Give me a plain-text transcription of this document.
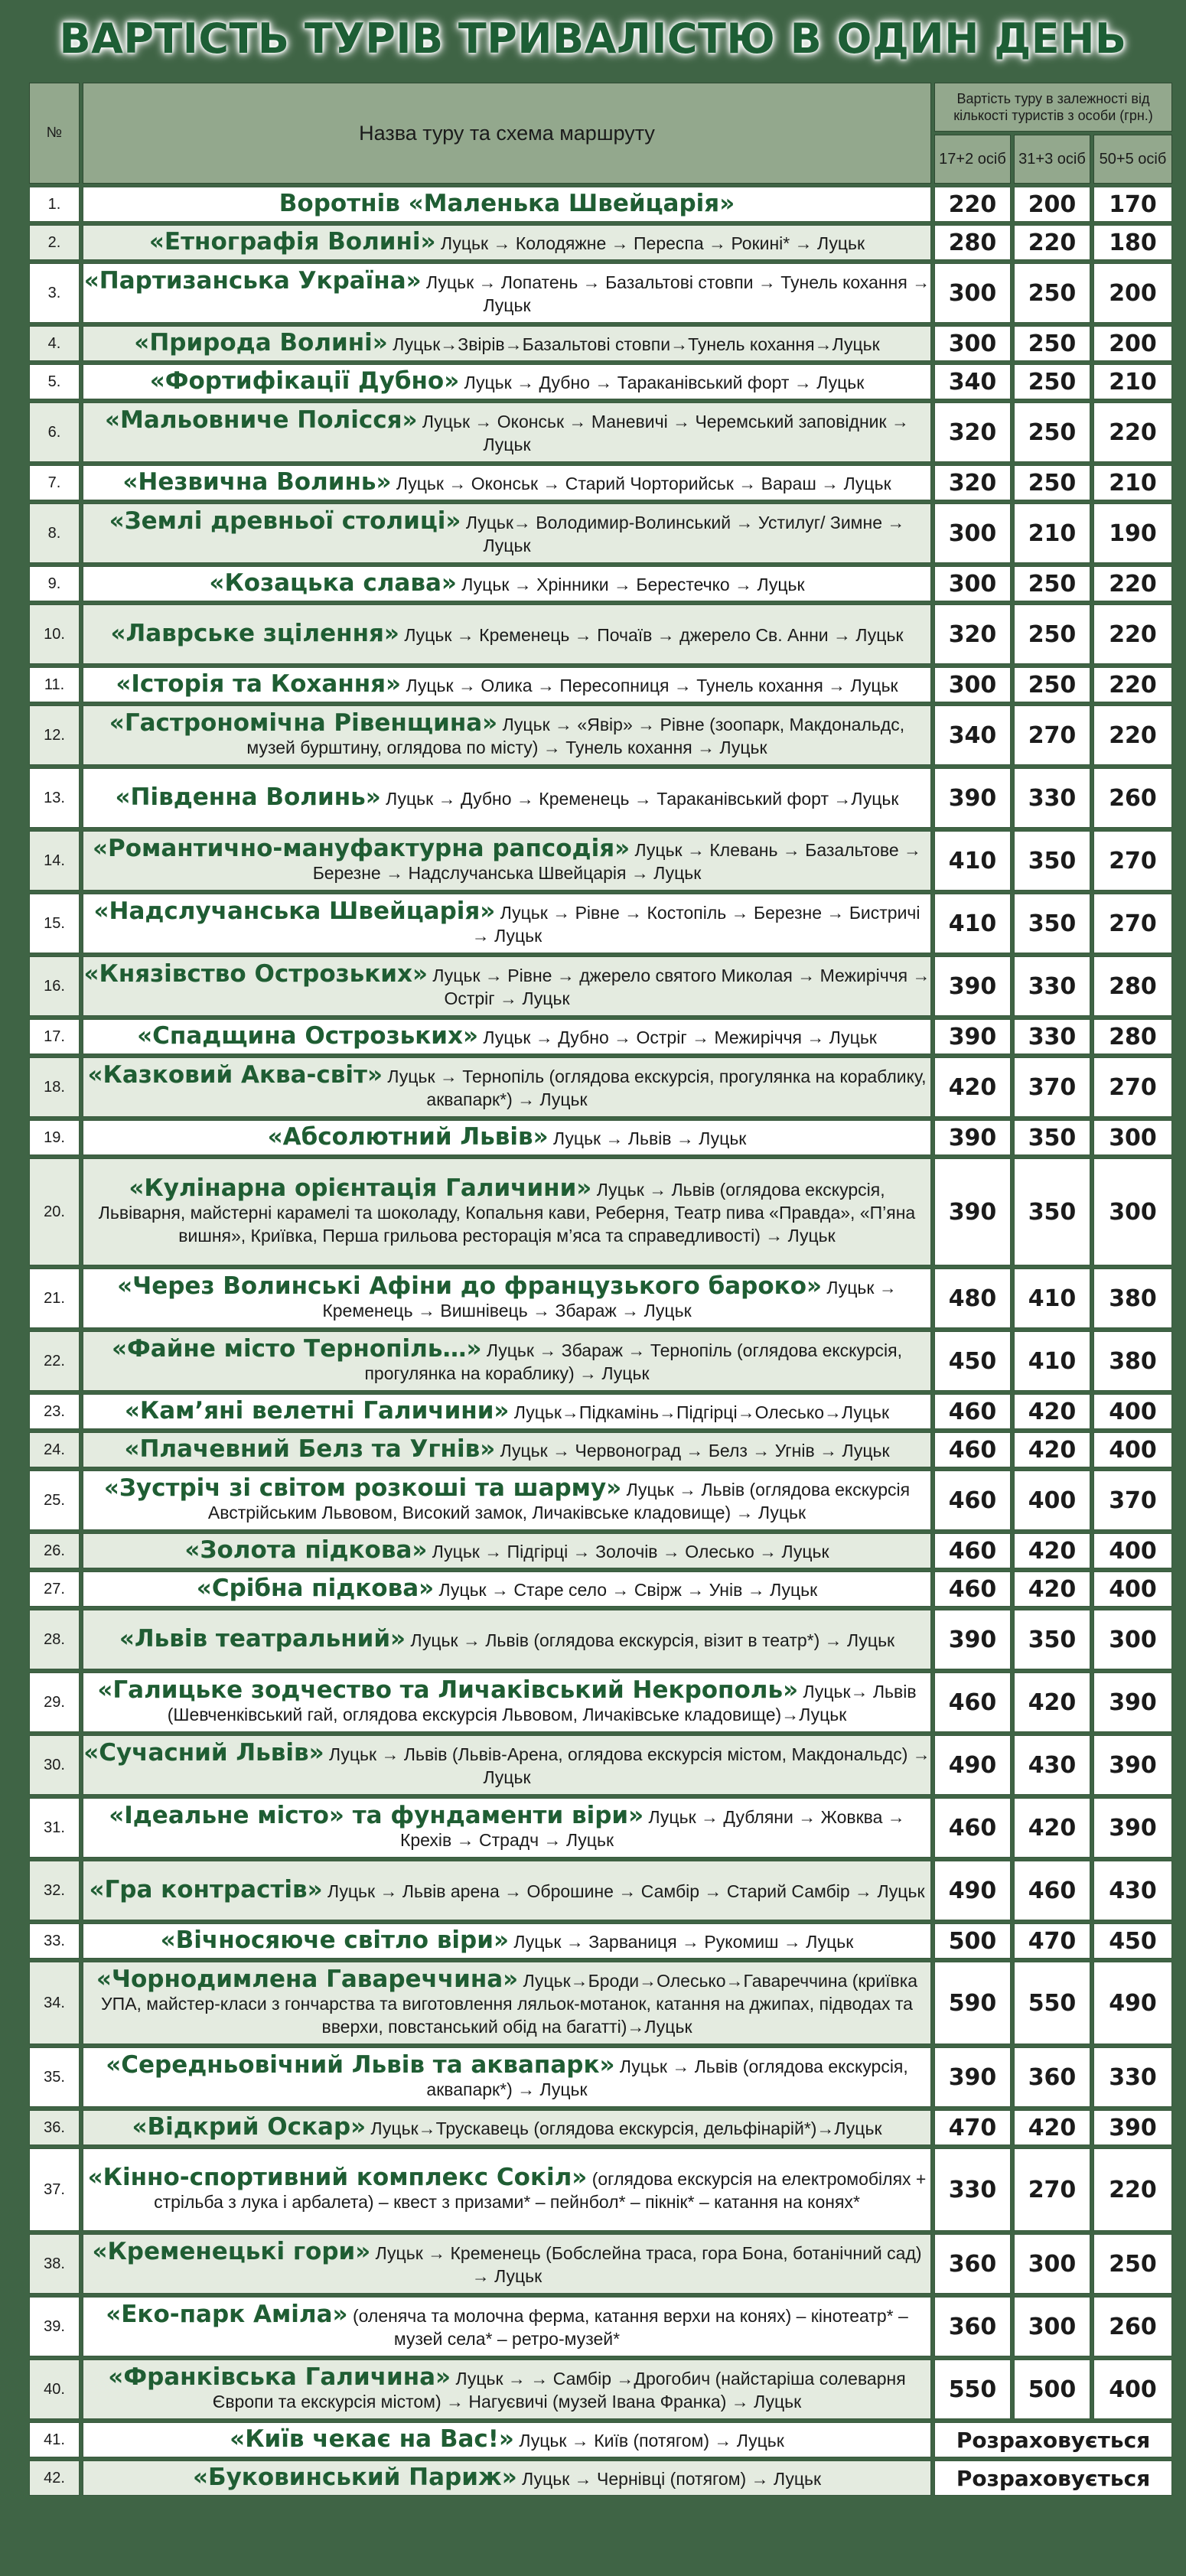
ВАРТІСТЬ ТУРІВ ТРИВАЛІСТЮ В ОДИН ДЕНЬ
№	Назва туру та схема маршруту	Вартість туру в залежності від кількості туристів з особи (грн.)		
		17+2 осіб	31+3 осіб	50+5 осіб
1.	Воротнів «Маленька Швейцарія»	220	200	170
2.	«Етнографія Волині» Луцьк → Колодяжне → Переспа → Рокині* → Луцьк	280	220	180
3.	«Партизанська Україна» Луцьк → Лопатень → Базальтові стовпи → Тунель кохання → Луцьк	300	250	200
4.	«Природа Волині» Луцьк→Звірів→Базальтові стовпи→Тунель кохання→Луцьк	300	250	200
5.	«Фортифікації Дубно» Луцьк → Дубно → Тараканівський форт → Луцьк	340	250	210
6.	«Мальовниче Полісся» Луцьк → Оконськ → Маневичі → Черемський заповідник → Луцьк	320	250	220
7.	«Незвична Волинь» Луцьк → Оконськ → Старий Чорторийськ → Вараш → Луцьк	320	250	210
8.	«Землі древньої столиці» Луцьк→ Володимир-Волинський → Устилуг/ Зимне → Луцьк	300	210	190
9.	«Козацька слава» Луцьк → Хрінники → Берестечко → Луцьк	300	250	220
10.	«Лаврське зцілення» Луцьк → Кременець → Почаїв → джерело Св. Анни → Луцьк	320	250	220
11.	«Історія та Кохання» Луцьк → Олика → Пересопниця → Тунель кохання → Луцьк	300	250	220
12.	«Гастрономічна Рівенщина» Луцьк → «Явір» → Рівне (зоопарк, Макдональдс, музей бурштину, оглядова по місту) → Тунель кохання → Луцьк	340	270	220
13.	«Південна Волинь» Луцьк → Дубно → Кременець → Тараканівський форт →Луцьк	390	330	260
14.	«Романтично-мануфактурна рапсодія» Луцьк → Клевань → Базальтове → Березне → Надслучанська Швейцарія → Луцьк	410	350	270
15.	«Надслучанська Швейцарія» Луцьк → Рівне → Костопіль → Березне → Бистричі → Луцьк	410	350	270
16.	«Князівство Острозьких» Луцьк → Рівне → джерело святого Миколая → Межиріччя → Острiг → Луцьк	390	330	280
17.	«Спадщина Острозьких» Луцьк → Дубно → Острiг → Межиріччя → Луцьк	390	330	280
18.	«Казковий Аква-світ» Луцьк → Тернопіль (оглядова екскурсія, прогулянка на кораблику, аквапарк*) → Луцьк	420	370	270
19.	«Абсолютний Львів» Луцьк → Львів → Луцьк	390	350	300
20.	«Кулінарна орієнтація Галичини» Луцьк → Львів (оглядова екскурсія, Львіварня, майстерні карамелі та шоколаду, Копальня кави, Реберня, Театр пива «Правда», «П’яна вишня», Криївка, Перша грильова ресторація м’яса та справедливості) → Луцьк	390	350	300
21.	«Через Волинські Афіни до французького бароко» Луцьк → Кременець → Вишнівець → Збараж → Луцьк	480	410	380
22.	«Файне місто Тернопіль…» Луцьк → Збараж → Тернопіль (оглядова екскурсія, прогулянка на кораблику) → Луцьк	450	410	380
23.	«Кам’яні велетні Галичини» Луцьк→Підкамінь→Підгірці→Олесько→Луцьк	460	420	400
24.	«Плачевний Белз та Угнів» Луцьк → Червоноград → Белз → Угнів → Луцьк	460	420	400
25.	«Зустріч зі світом розкоші та шарму» Луцьк → Львів (оглядова екскурсія Австрійським Львовом, Високий замок, Личаківське кладовище) → Луцьк	460	400	370
26.	«Золота підкова» Луцьк → Підгірці → Золочів → Олесько → Луцьк	460	420	400
27.	«Срібна підкова» Луцьк → Старе село → Свірж → Унів → Луцьк	460	420	400
28.	«Львів театральний» Луцьк → Львів (оглядова екскурсія, візит в театр*) → Луцьк	390	350	300
29.	«Галицьке зодчество та Личаківський Некрополь» Луцьк→ Львів (Шевченківський гай, оглядова екскурсія Львовом, Личаківське кладовище)→Луцьк	460	420	390
30.	«Сучасний Львів» Луцьк → Львів (Львів-Арена, оглядова екскурсія містом, Макдональдс) → Луцьк	490	430	390
31.	«Ідеальне місто» та фундаменти віри» Луцьк → Дубляни → Жовква → Крехів → Страдч → Луцьк	460	420	390
32.	«Гра контрастів» Луцьк → Львів арена → Оброшине → Самбір → Старий Самбір → Луцьк	490	460	430
33.	«Вічносяюче світло віри» Луцьк → Зарваниця → Рукомиш → Луцьк	500	470	450
34.	«Чорнодимлена Гавареччина» Луцьк→Броди→Олесько→Гавареччина (криївка УПА, майстер-класи з гончарства та виготовлення ляльок-мотанок, катання на джипах, підводах та вверхи, повстанський обід на багатті)→Луцьк	590	550	490
35.	«Середньовічний Львів та аквапарк» Луцьк → Львів (оглядова екскурсія, аквапарк*) → Луцьк	390	360	330
36.	«Відкрий Оскар» Луцьк→Трускавець (оглядова екскурсія, дельфінарій*)→Луцьк	470	420	390
37.	«Кінно-спортивний комплекс Сокіл» (оглядова екскурсія на електромобілях + стрільба з лука і арбалета) – квест з призами* – пейнбол* – пікнік* – катання на конях*	330	270	220
38.	«Кременецькі гори» Луцьк → Кременець (Бобслейна траса, гора Бона, ботанічний сад) → Луцьк	360	300	250
39.	«Еко-парк Аміла» (оленяча та молочна ферма, катання верхи на конях) – кінотеатр* – музей села* – ретро-музей*	360	300	260
40.	«Франківська Галичина» Луцьк → → Самбір →Дрогобич (найстаріша солеварня Європи та екскурсія містом) → Нагуєвичі (музей Івана Франка) → Луцьк	550	500	400
41.	«Київ чекає на Вас!» Луцьк → Київ (потягом) → Луцьк	Розраховується		
42.	«Буковинський Париж» Луцьк → Чернівці (потягом) → Луцьк	Розраховується		
